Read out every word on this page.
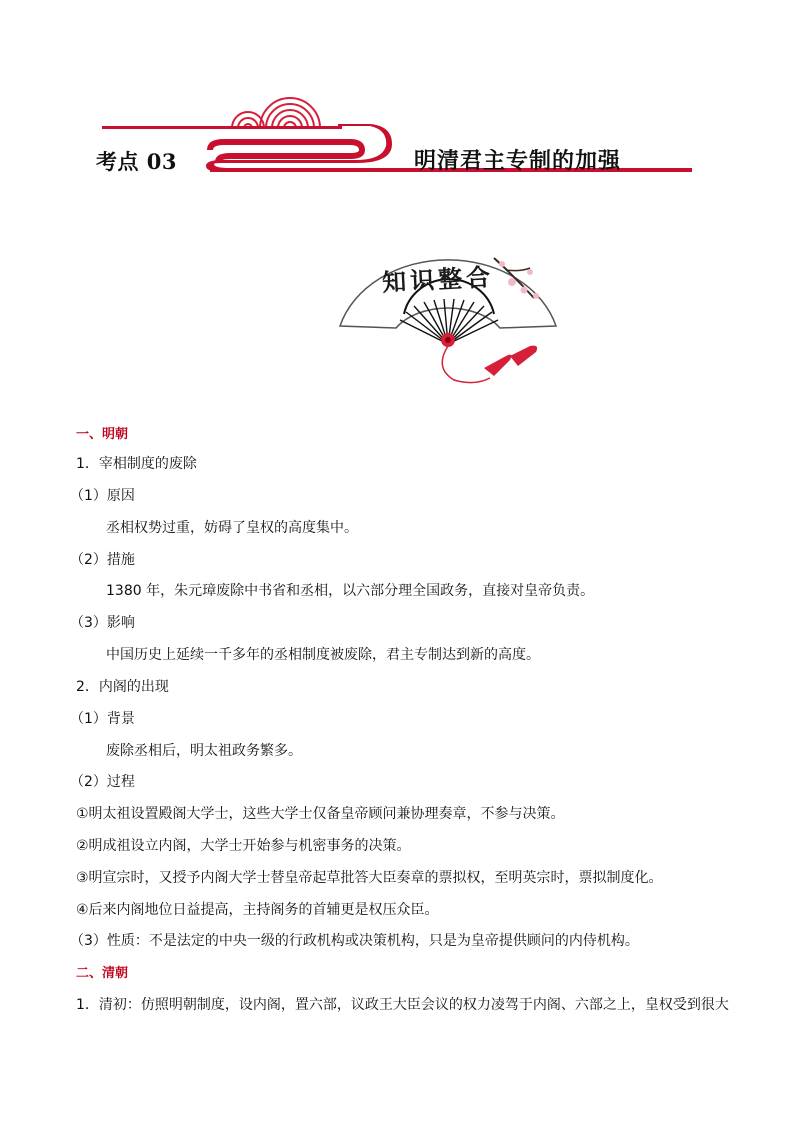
考点 03	明清君主专制的加强
知识整合
一、明朝
1．宰相制度的废除
（1）原因
丞相权势过重，妨碍了皇权的高度集中。
（2）措施
1380 年，朱元璋废除中书省和丞相，以六部分理全国政务，直接对皇帝负责。
（3）影响
中国历史上延续一千多年的丞相制度被废除，君主专制达到新的高度。
2．内阁的出现
（1）背景
废除丞相后，明太祖政务繁多。
（2）过程
①明太祖设置殿阁大学士，这些大学士仅备皇帝顾问兼协理奏章，不参与决策。
②明成祖设立内阁，大学士开始参与机密事务的决策。
③明宣宗时，又授予内阁大学士替皇帝起草批答大臣奏章的票拟权，至明英宗时，票拟制度化。
④后来内阁地位日益提高，主持阁务的首辅更是权压众臣。
（3）性质：不是法定的中央一级的行政机构或决策机构，只是为皇帝提供顾问的内侍机构。
二、清朝
1．清初：仿照明朝制度，设内阁，置六部，议政王大臣会议的权力凌驾于内阁、六部之上，皇权受到很大
